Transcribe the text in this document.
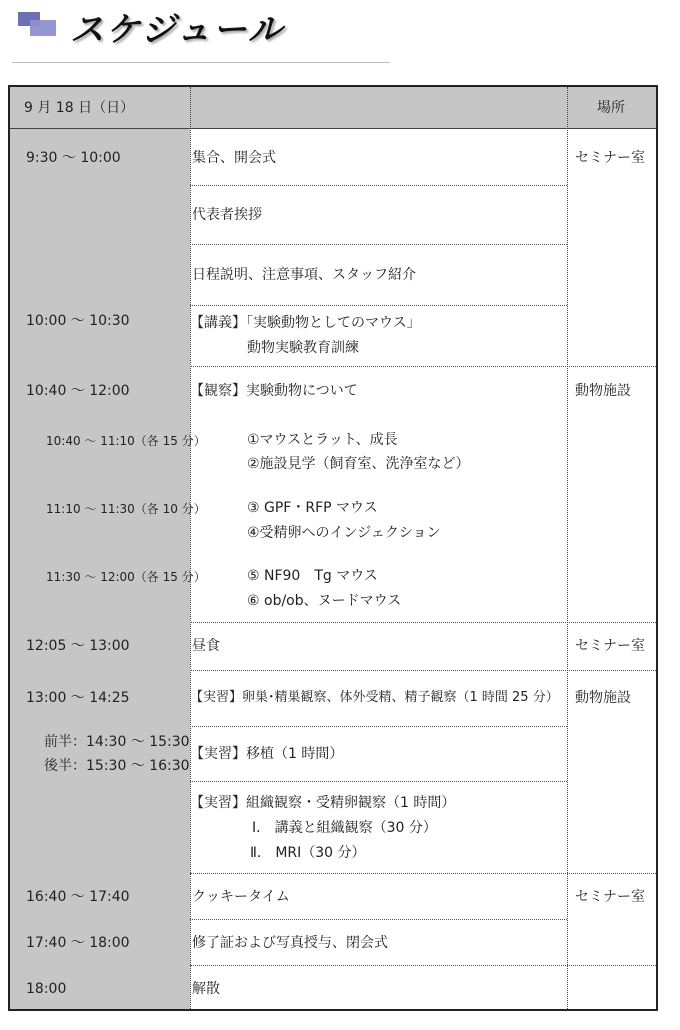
スケジュール
9 月 18 日（日）	場所
9:30 〜 10:00
10:00 〜 10:30
10:40 〜 12:00
10:40 〜 11:10（各 15 分）
11:10 〜 11:30（各 10 分）
11:30 〜 12:00（各 15 分）
12:05 〜 13:00
13:00 〜 14:25
前半：14:30 〜 15:30
後半：15:30 〜 16:30
16:40 〜 17:40
17:40 〜 18:00
18:00
集合、開会式
代表者挨拶
日程説明、注意事項、スタッフ紹介
【講義】「実験動物としてのマウス」
動物実験教育訓練
【観察】実験動物について
①マウスとラット、成長
②施設見学（飼育室、洗浄室など）
③ GPF・RFP マウス
④受精卵へのインジェクション
⑤ NF90　Tg マウス
⑥ ob/ob、ヌードマウス
昼食
【実習】卵巣･精巣観察、体外受精、精子観察（1 時間 25 分）
【実習】移植（1 時間）
【実習】組織観察・受精卵観察（1 時間）
Ⅰ． 講義と組織観察（30 分）
Ⅱ． MRI（30 分）
クッキータイム
修了証および写真授与、閉会式
解散
セミナー室
動物施設
セミナー室
動物施設
セミナー室
